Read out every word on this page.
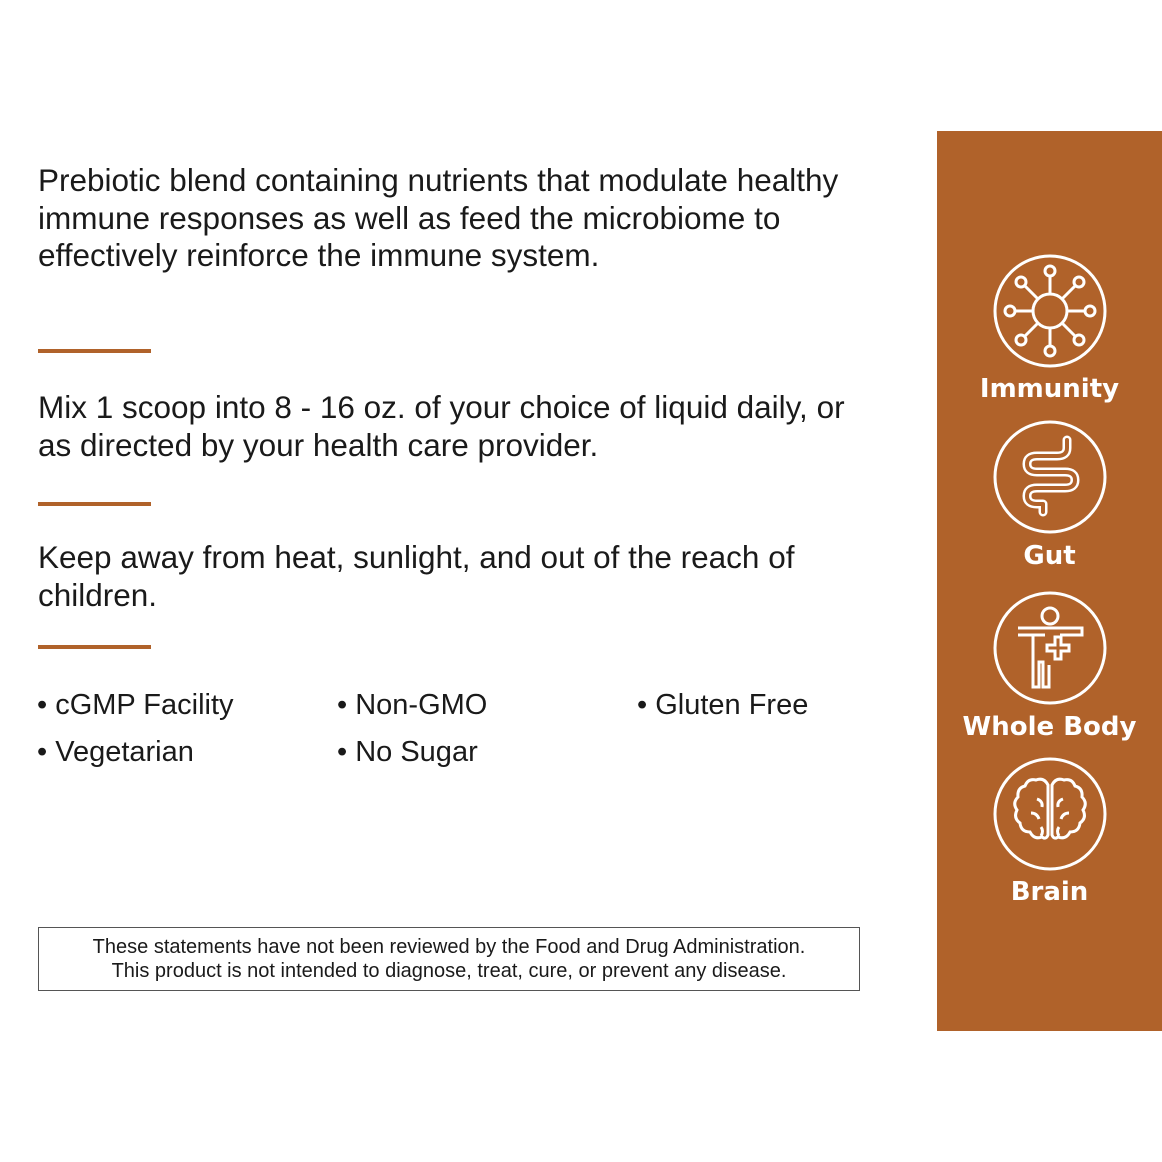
Prebiotic blend containing nutrients that modulate healthy immune responses as well as feed the microbiome to effectively reinforce the immune system.

Mix 1 scoop into 8 - 16 oz. of your choice of liquid daily, or as directed by your health care provider.

Keep away from heat, sunlight, and out of the reach of children.

• cGMP Facility	• Non-GMO	• Gluten Free
• Vegetarian	• No Sugar
These statements have not been reviewed by the Food and Drug Administration.
This product is not intended to diagnose, treat, cure, or prevent any disease.
Immunity
Gut
Whole Body
Brain
